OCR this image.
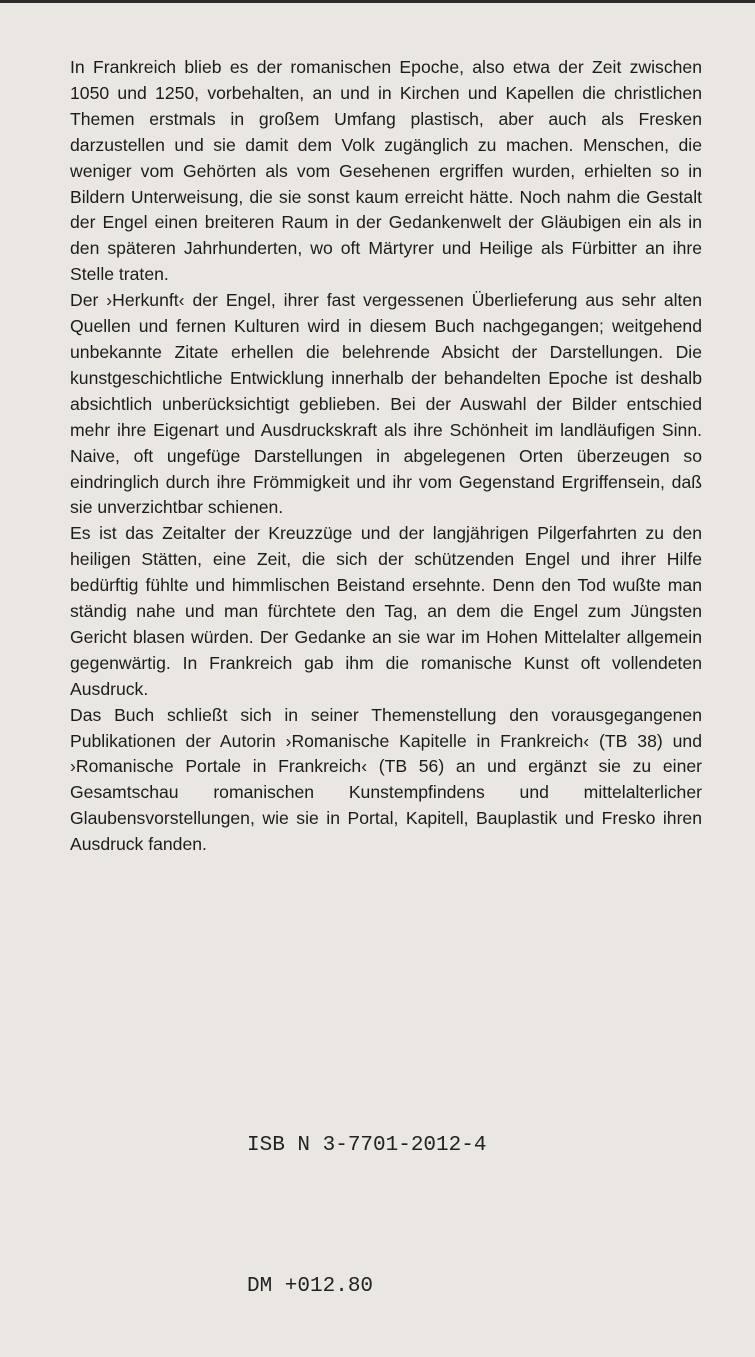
In Frankreich blieb es der romanischen Epoche, also etwa der Zeit zwischen 1050 und 1250, vorbehalten, an und in Kirchen und Kapellen die christlichen Themen erstmals in großem Umfang plastisch, aber auch als Fresken darzustellen und sie damit dem Volk zugänglich zu machen. Menschen, die weniger vom Gehörten als vom Gesehenen ergriffen wurden, erhielten so in Bildern Unterweisung, die sie sonst kaum erreicht hätte. Noch nahm die Gestalt der Engel einen breiteren Raum in der Gedankenwelt der Gläubigen ein als in den späteren Jahrhunderten, wo oft Märtyrer und Heilige als Fürbitter an ihre Stelle traten.

Der ›Herkunft‹ der Engel, ihrer fast vergessenen Überlieferung aus sehr alten Quellen und fernen Kulturen wird in diesem Buch nachgegangen; weitgehend unbekannte Zitate erhellen die belehrende Absicht der Darstellungen. Die kunstgeschichtliche Entwicklung innerhalb der behandelten Epoche ist deshalb absichtlich unberücksichtigt geblieben. Bei der Auswahl der Bilder entschied mehr ihre Eigenart und Ausdruckskraft als ihre Schönheit im landläufigen Sinn. Naive, oft ungefüge Darstellungen in abgelegenen Orten überzeugen so eindringlich durch ihre Frömmigkeit und ihr vom Gegenstand Ergriffensein, daß sie unverzichtbar schienen.

Es ist das Zeitalter der Kreuzzüge und der langjährigen Pilgerfahrten zu den heiligen Stätten, eine Zeit, die sich der schützenden Engel und ihrer Hilfe bedürftig fühlte und himmlischen Beistand ersehnte. Denn den Tod wußte man ständig nahe und man fürchtete den Tag, an dem die Engel zum Jüngsten Gericht blasen würden. Der Gedanke an sie war im Hohen Mittelalter allgemein gegenwärtig. In Frankreich gab ihm die romanische Kunst oft vollendeten Ausdruck.

Das Buch schließt sich in seiner Themenstellung den vorausgegangenen Publikationen der Autorin ›Romanische Kapitelle in Frankreich‹ (TB 38) und ›Romanische Portale in Frankreich‹ (TB 56) an und ergänzt sie zu einer Gesamtschau romanischen Kunstempfindens und mittelalterlicher Glaubensvorstellungen, wie sie in Portal, Kapitell, Bauplastik und Fresko ihren Ausdruck fanden.

ISB N 3-7701-2012-4

DM +012.80
